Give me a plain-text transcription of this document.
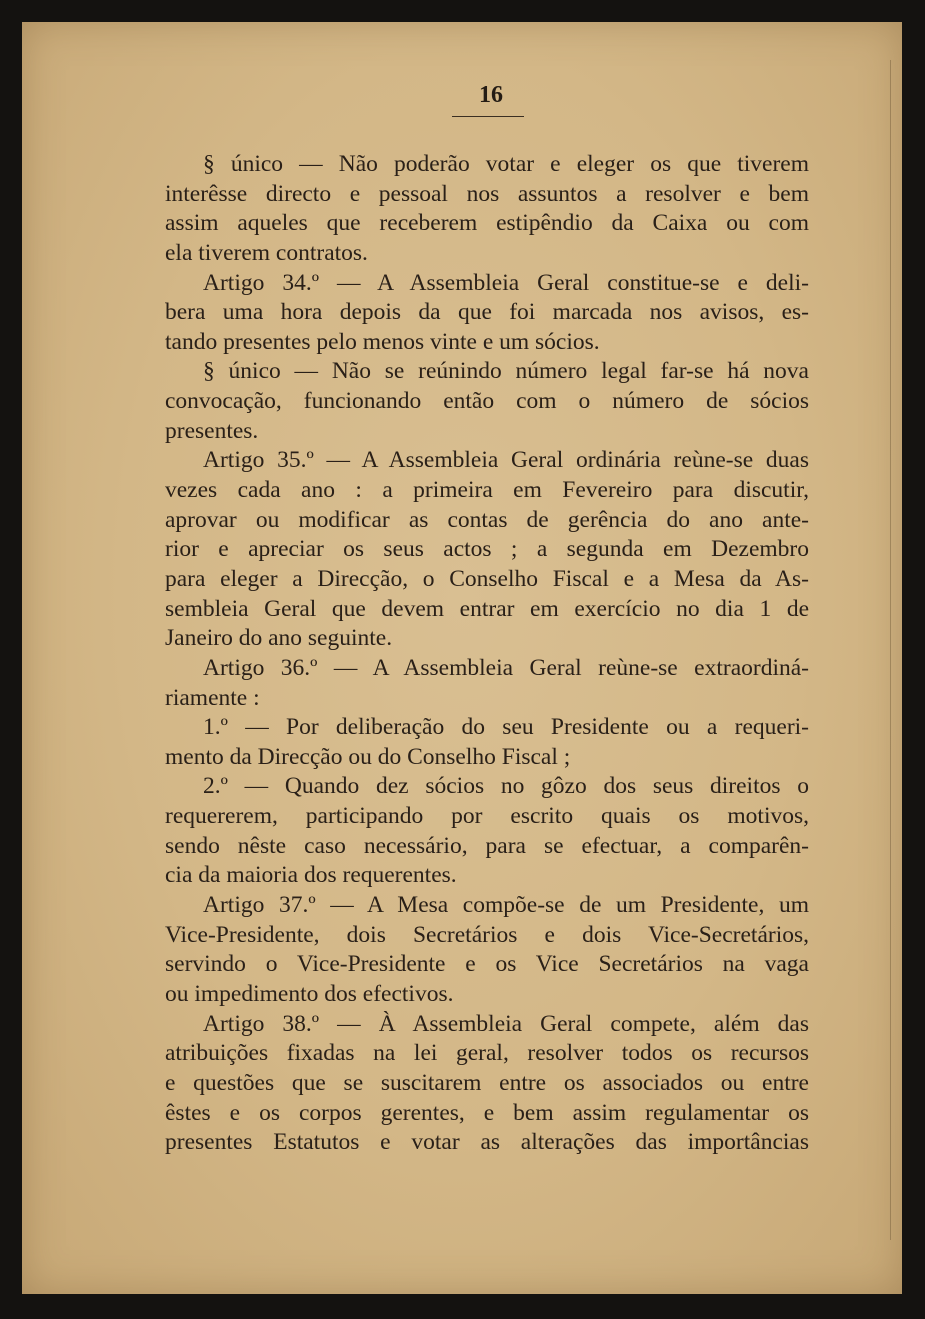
16
§ único — Não poderão votar e eleger os que tiverem
interêsse directo e pessoal nos assuntos a resolver e bem
assim aqueles que receberem estipêndio da Caixa ou com
ela tiverem contratos.
Artigo 34.º — A Assembleia Geral constitue-se e deli-
bera uma hora depois da que foi marcada nos avisos, es-
tando presentes pelo menos vinte e um sócios.
§ único — Não se reúnindo número legal far-se há nova
convocação, funcionando então com o número de sócios
presentes.
Artigo 35.º — A Assembleia Geral ordinária reùne-se duas
vezes cada ano : a primeira em Fevereiro para discutir,
aprovar ou modificar as contas de gerência do ano ante-
rior e apreciar os seus actos ; a segunda em Dezembro
para eleger a Direcção, o Conselho Fiscal e a Mesa da As-
sembleia Geral que devem entrar em exercício no dia 1 de
Janeiro do ano seguinte.
Artigo 36.º — A Assembleia Geral reùne-se extraordiná-
riamente :
1.º — Por deliberação do seu Presidente ou a requeri-
mento da Direcção ou do Conselho Fiscal ;
2.º — Quando dez sócios no gôzo dos seus direitos o
requererem, participando por escrito quais os motivos,
sendo nêste caso necessário, para se efectuar, a comparên-
cia da maioria dos requerentes.
Artigo 37.º — A Mesa compõe-se de um Presidente, um
Vice-Presidente, dois Secretários e dois Vice-Secretários,
servindo o Vice-Presidente e os Vice Secretários na vaga
ou impedimento dos efectivos.
Artigo 38.º — À Assembleia Geral compete, além das
atribuições fixadas na lei geral, resolver todos os recursos
e questões que se suscitarem entre os associados ou entre
êstes e os corpos gerentes, e bem assim regulamentar os
presentes Estatutos e votar as alterações das importâncias
